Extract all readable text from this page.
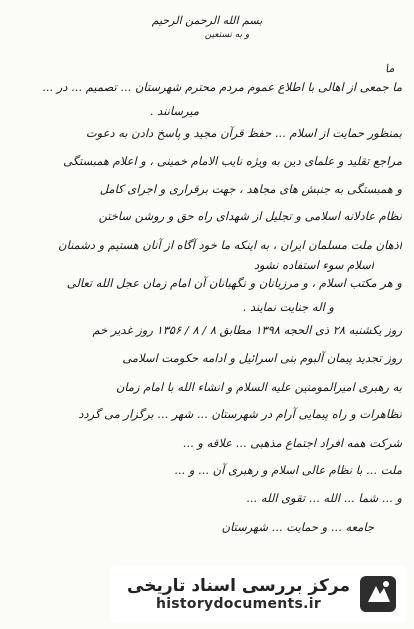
بسم الله الرحمن الرحیم
و به نستعین
ما
ما جمعی از اهالی با اطلاع عموم مردم محترم شهرستان ... تصمیم ... در ...
میرسانند .
بمنظور حمایت از اسلام ... حفظ قرآن مجید و پاسخ دادن به دعوت
مراجع تقلید و علمای دین به ویژه نایب الامام خمینی ، و اعلام همبستگی
و همبستگی به جنبش های مجاهد ، جهت برقراری و اجرای کامل
نظام عادلانه اسلامی و تجلیل از شهدای راه حق و روشن ساختن
اذهان ملت مسلمان ایران ، به اینکه ما خود آگاه از آنان هستیم و دشمنان
اسلام سوء استفاده نشود
و هر مکتب اسلام ، و مرزبانان و نگهبانان آن امام زمان عجل الله تعالی
و اله جنایت نمایند .
روز یکشنبه ۲۸ ذی الحجه ۱۳۹۸ مطابق ۸ / ۸ / ۱۳۵۶ روز غدیر خم
روز تجدید پیمان آلبوم بنی اسرائیل و ادامه حکومت اسلامی
به رهبری امیرالمومنین علیه السلام و انشاء الله با امام زمان
تظاهرات و راه پیمایی آرام در شهرستان ... شهر ... برگزار می گردد
شرکت همه افراد اجتماع مذهبی ... علاقه و ...
ملت ... با نظام عالی اسلام و رهبری آن ... و ...
و ... شما ... الله ... تقوی الله ...
جامعه ... و حمایت ... شهرستان
مرکز بررسی اسناد تاریخی
historydocuments.ir
